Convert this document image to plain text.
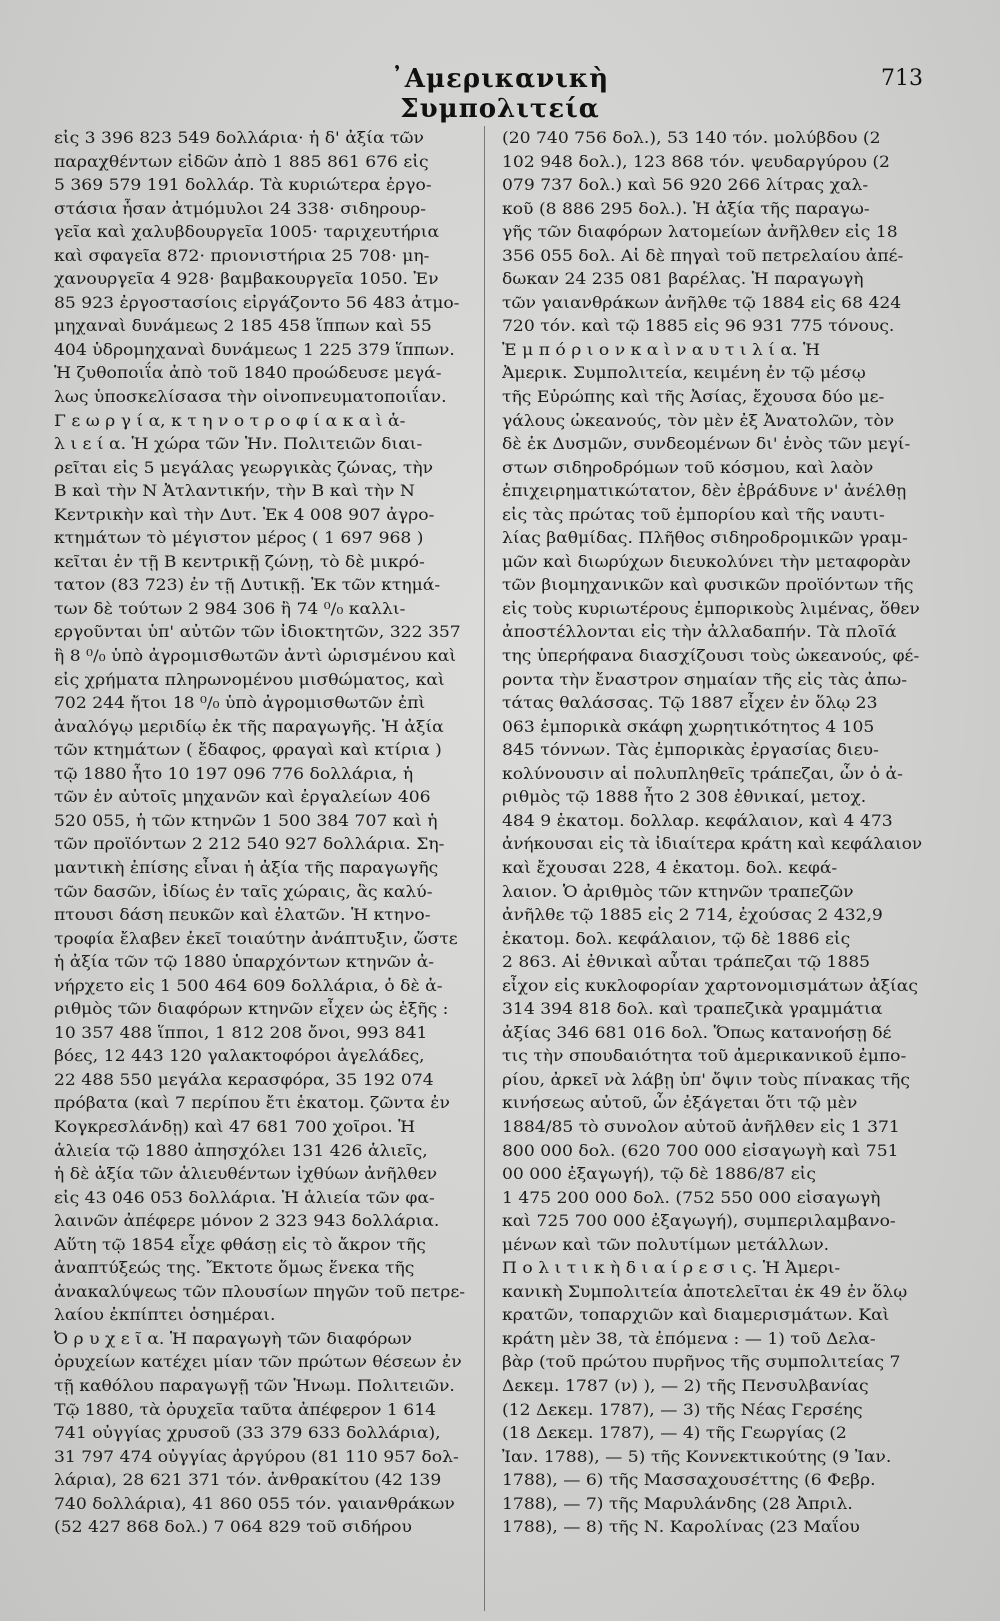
᾿Αμερικανικὴ Συμπολιτεία
713
εἰς 3 396 823 549 δολλάρια· ἡ δ' ἀξία τῶν
παραχθέντων εἰδῶν ἀπὸ 1 885 861 676 εἰς
5 369 579 191 δολλάρ. Τὰ κυριώτερα ἐργο-
στάσια ἦσαν ἀτμόμυλοι 24 338· σιδηρουρ-
γεῖα καὶ χαλυβδουργεῖα 1005· ταριχευτήρια
καὶ σφαγεῖα 872· πριονιστήρια 25 708· μη-
χανουργεῖα 4 928· βαμβακουργεῖα 1050. Ἐν
85 923 ἐργοστασίοις εἰργάζοντο 56 483 ἀτμο-
μηχαναὶ δυνάμεως 2 185 458 ἵππων καὶ 55
404 ὑδρομηχαναὶ δυνάμεως 1 225 379 ἵππων.
Ἡ ζυθοποιΐα ἀπὸ τοῦ 1840 προώδευσε μεγά-
λως ὑποσκελίσασα τὴν οἰνοπνευματοποιΐαν.
Γ ε ω ρ γ ί α, κ τ η ν ο τ ρ ο φ ί α κ α ὶ ἁ-
λ ι ε ί α. Ἡ χώρα τῶν Ἡν. Πολιτειῶν διαι-
ρεῖται εἰς 5 μεγάλας γεωργικὰς ζώνας, τὴν
Β καὶ τὴν Ν Ἀτλαντικήν, τὴν Β καὶ τὴν Ν
Κεντρικὴν καὶ τὴν Δυτ. Ἐκ 4 008 907 ἀγρο-
κτημάτων τὸ μέγιστον μέρος ( 1 697 968 )
κεῖται ἐν τῇ Β κεντρικῇ ζώνῃ, τὸ δὲ μικρό-
τατον (83 723) ἐν τῇ Δυτικῇ. Ἐκ τῶν κτημά-
των δὲ τούτων 2 984 306 ἢ 74 ⁰/₀ καλλι-
εργοῦνται ὑπ' αὐτῶν τῶν ἰδιοκτητῶν, 322 357
ἢ 8 ⁰/₀ ὑπὸ ἀγρομισθωτῶν ἀντὶ ὡρισμένου καὶ
εἰς χρήματα πληρωνομένου μισθώματος, καὶ
702 244 ἤτοι 18 ⁰/₀ ὑπὸ ἀγρομισθωτῶν ἐπὶ
ἀναλόγῳ μεριδίῳ ἐκ τῆς παραγωγῆς. Ἡ ἀξία
τῶν κτημάτων ( ἔδαφος, φραγαὶ καὶ κτίρια )
τῷ 1880 ἦτο 10 197 096 776 δολλάρια, ἡ
τῶν ἐν αὐτοῖς μηχανῶν καὶ ἐργαλείων 406
520 055, ἡ τῶν κτηνῶν 1 500 384 707 καὶ ἡ
τῶν προϊόντων 2 212 540 927 δολλάρια. Ση-
μαντικὴ ἐπίσης εἶναι ἡ ἀξία τῆς παραγωγῆς
τῶν δασῶν, ἰδίως ἐν ταῖς χώραις, ἃς καλύ-
πτουσι δάση πευκῶν καὶ ἐλατῶν. Ἡ κτηνο-
τροφία ἔλαβεν ἐκεῖ τοιαύτην ἀνάπτυξιν, ὥστε
ἡ ἀξία τῶν τῷ 1880 ὑπαρχόντων κτηνῶν ἀ-
νήρχετο εἰς 1 500 464 609 δολλάρια, ὁ δὲ ἀ-
ριθμὸς τῶν διαφόρων κτηνῶν εἶχεν ὡς ἑξῆς :
10 357 488 ἵπποι, 1 812 208 ὄνοι, 993 841
βόες, 12 443 120 γαλακτοφόροι ἀγελάδες,
22 488 550 μεγάλα κερασφόρα, 35 192 074
πρόβατα (καὶ 7 περίπου ἔτι ἑκατομ. ζῶντα ἐν
Κογκρεσλάνδῃ) καὶ 47 681 700 χοῖροι. Ἡ
ἁλιεία τῷ 1880 ἀπησχόλει 131 426 ἁλιεῖς,
ἡ δὲ ἀξία τῶν ἁλιευθέντων ἰχθύων ἀνῆλθεν
εἰς 43 046 053 δολλάρια. Ἡ ἁλιεία τῶν φα-
λαινῶν ἀπέφερε μόνον 2 323 943 δολλάρια.
Αὕτη τῷ 1854 εἶχε φθάσῃ εἰς τὸ ἄκρον τῆς
ἀναπτύξεώς της. Ἔκτοτε ὅμως ἕνεκα τῆς
ἀνακαλύψεως τῶν πλουσίων πηγῶν τοῦ πετρε-
λαίου ἐκπίπτει ὁσημέραι.
Ὀ ρ υ χ ε ῖ α. Ἡ παραγωγὴ τῶν διαφόρων
ὀρυχείων κατέχει μίαν τῶν πρώτων θέσεων ἐν
τῇ καθόλου παραγωγῇ τῶν Ἡνωμ. Πολιτειῶν.
Τῷ 1880, τὰ ὀρυχεῖα ταῦτα ἀπέφερον 1 614
741 οὐγγίας χρυσοῦ (33 379 633 δολλάρια),
31 797 474 οὐγγίας ἀργύρου (81 110 957 δολ-
λάρια), 28 621 371 τόν. ἀνθρακίτου (42 139
740 δολλάρια), 41 860 055 τόν. γαιανθράκων
(52 427 868 δολ.) 7 064 829 τοῦ σιδήρου
(20 740 756 δολ.), 53 140 τόν. μολύβδου (2
102 948 δολ.), 123 868 τόν. ψευδαργύρου (2
079 737 δολ.) καὶ 56 920 266 λίτρας χαλ-
κοῦ (8 886 295 δολ.). Ἡ ἀξία τῆς παραγω-
γῆς τῶν διαφόρων λατομείων ἀνῆλθεν εἰς 18
356 055 δολ. Αἱ δὲ πηγαὶ τοῦ πετρελαίου ἀπέ-
δωκαν 24 235 081 βαρέλας. Ἡ παραγωγὴ
τῶν γαιανθράκων ἀνῆλθε τῷ 1884 εἰς 68 424
720 τόν. καὶ τῷ 1885 εἰς 96 931 775 τόνους.
Ἐ μ π ό ρ ι ο ν κ α ὶ ν α υ τ ι λ ί α. Ἡ
Ἀμερικ. Συμπολιτεία, κειμένη ἐν τῷ μέσῳ
τῆς Εὐρώπης καὶ τῆς Ἀσίας, ἔχουσα δύο με-
γάλους ὠκεανούς, τὸν μὲν ἐξ Ἀνατολῶν, τὸν
δὲ ἐκ Δυσμῶν, συνδεομένων δι' ἑνὸς τῶν μεγί-
στων σιδηροδρόμων τοῦ κόσμου, καὶ λαὸν
ἐπιχειρηματικώτατον, δὲν ἐβράδυνε ν' ἀνέλθῃ
εἰς τὰς πρώτας τοῦ ἐμπορίου καὶ τῆς ναυτι-
λίας βαθμίδας. Πλῆθος σιδηροδρομικῶν γραμ-
μῶν καὶ διωρύχων διευκολύνει τὴν μεταφορὰν
τῶν βιομηχανικῶν καὶ φυσικῶν προϊόντων τῆς
εἰς τοὺς κυριωτέρους ἐμπορικοὺς λιμένας, ὅθεν
ἀποστέλλονται εἰς τὴν ἀλλαδαπήν. Τὰ πλοῖά
της ὑπερήφανα διασχίζουσι τοὺς ὠκεανούς, φέ-
ροντα τὴν ἔναστρον σημαίαν τῆς εἰς τὰς ἀπω-
τάτας θαλάσσας. Τῷ 1887 εἶχεν ἐν ὅλῳ 23
063 ἐμπορικὰ σκάφη χωρητικότητος 4 105
845 τόννων. Τὰς ἐμπορικὰς ἐργασίας διευ-
κολύνουσιν αἱ πολυπληθεῖς τράπεζαι, ὧν ὁ ἀ-
ριθμὸς τῷ 1888 ἦτο 2 308 ἐθνικαί, μετοχ.
484 9 ἑκατομ. δολλαρ. κεφάλαιον, καὶ 4 473
ἀνήκουσαι εἰς τὰ ἰδιαίτερα κράτη καὶ κεφάλαιον
καὶ ἔχουσαι 228, 4 ἑκατομ. δολ. κεφά-
λαιον. Ὁ ἀριθμὸς τῶν κτηνῶν τραπεζῶν
ἀνῆλθε τῷ 1885 εἰς 2 714, ἐχούσας 2 432,9
ἑκατομ. δολ. κεφάλαιον, τῷ δὲ 1886 εἰς
2 863. Αἱ ἐθνικαὶ αὗται τράπεζαι τῷ 1885
εἶχον εἰς κυκλοφορίαν χαρτονομισμάτων ἀξίας
314 394 818 δολ. καὶ τραπεζικὰ γραμμάτια
ἀξίας 346 681 016 δολ. Ὅπως κατανοήσῃ δέ
τις τὴν σπουδαιότητα τοῦ ἀμερικανικοῦ ἐμπο-
ρίου, ἀρκεῖ νὰ λάβῃ ὑπ' ὄψιν τοὺς πίνακας τῆς
κινήσεως αὐτοῦ, ὧν ἐξάγεται ὅτι τῷ μὲν
1884/85 τὸ συνολον αὐτοῦ ἀνῆλθεν εἰς 1 371
800 000 δολ. (620 700 000 εἰσαγωγὴ καὶ 751
00 000 ἐξαγωγή), τῷ δὲ 1886/87 εἰς
1 475 200 000 δολ. (752 550 000 εἰσαγωγὴ
καὶ 725 700 000 ἐξαγωγή), συμπεριλαμβανο-
μένων καὶ τῶν πολυτίμων μετάλλων.
Π ο λ ι τ ι κ ὴ δ ι α ί ρ ε σ ι ς. Ἡ Ἀμερι-
κανικὴ Συμπολιτεία ἀποτελεῖται ἐκ 49 ἐν ὅλῳ
κρατῶν, τοπαρχιῶν καὶ διαμερισμάτων. Καὶ
κράτη μὲν 38, τὰ ἑπόμενα : — 1) τοῦ Δελα-
βὰρ (τοῦ πρώτου πυρῆνος τῆς συμπολιτείας 7
Δεκεμ. 1787 (ν) ), — 2) τῆς Πενσυλβανίας
(12 Δεκεμ. 1787), — 3) τῆς Νέας Γερσέης
(18 Δεκεμ. 1787), — 4) τῆς Γεωργίας (2
Ἰαν. 1788), — 5) τῆς Κοννεκτικούτης (9 Ἰαν.
1788), — 6) τῆς Μασσαχουσέττης (6 Φεβρ.
1788), — 7) τῆς Μαρυλάνδης (28 Ἀπριλ.
1788), — 8) τῆς Ν. Καρολίνας (23 Μαΐου
